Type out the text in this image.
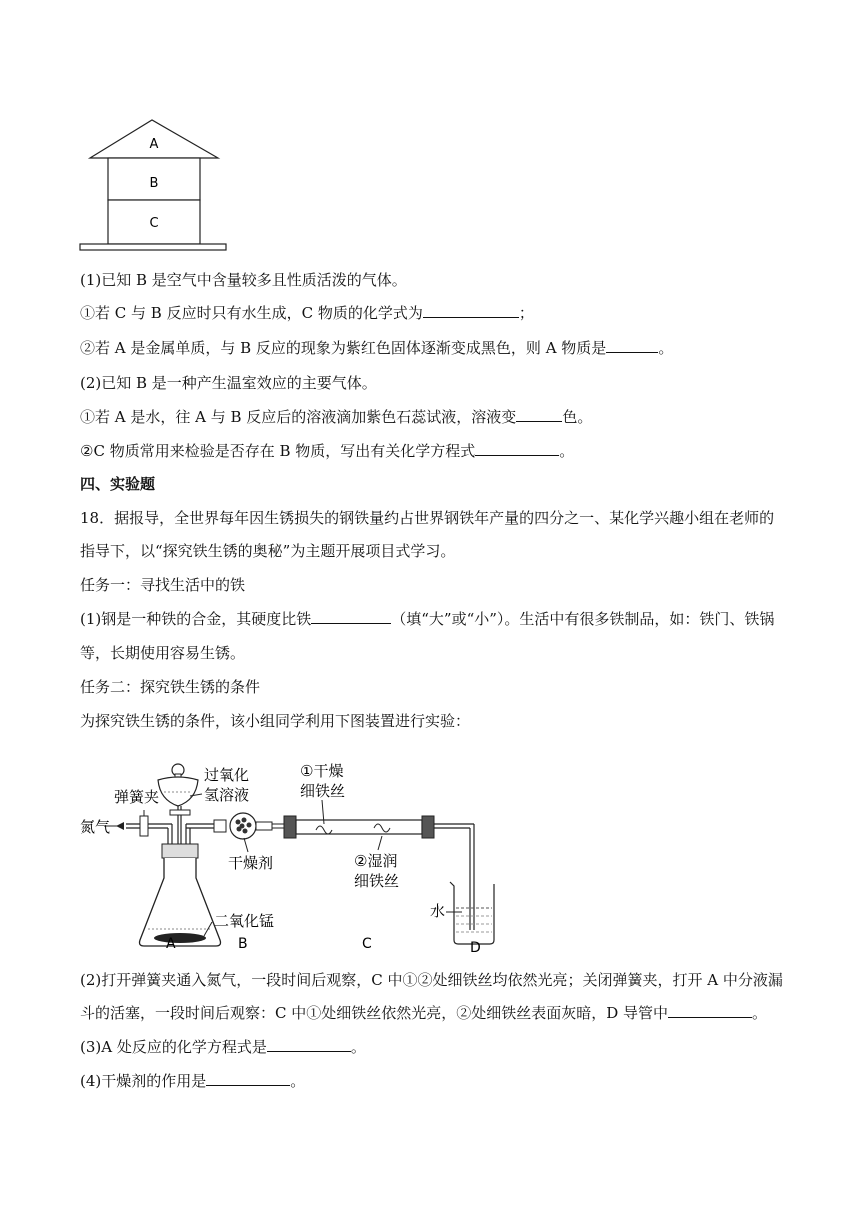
A
B
C
(1)已知 B 是空气中含量较多且性质活泼的气体。
①若 C 与 B 反应时只有水生成，C 物质的化学式为	；
②若 A 是金属单质，与 B 反应的现象为紫红色固体逐渐变成黑色，则 A 物质是	。
(2)已知 B 是一种产生温室效应的主要气体。
①若 A 是水，往 A 与 B 反应后的溶液滴加紫色石蕊试液，溶液变	色。
②C 物质常用来检验是否存在 B 物质，写出有关化学方程式	。
四、实验题
18．据报导，全世界每年因生锈损失的钢铁量约占世界钢铁年产量的四分之一、某化学兴趣小组在老师的
指导下，以“探究铁生锈的奥秘”为主题开展项目式学习。
任务一：寻找生活中的铁
(1)钢是一种铁的合金，其硬度比铁	（填“大”或“小”）。生活中有很多铁制品，如：铁门、铁锅
等，长期使用容易生锈。
任务二：探究铁生锈的条件
为探究铁生锈的条件，该小组同学利用下图装置进行实验：
过氧化
氢溶液
弹簧夹
氮气
①干燥
细铁丝
干燥剂	②湿润
细铁丝
二氧化锰
水
A	B	C	D
(2)打开弹簧夹通入氮气，一段时间后观察，C 中①②处细铁丝均依然光亮；关闭弹簧夹，打开 A 中分液漏
斗的活塞，一段时间后观察：C 中①处细铁丝依然光亮，②处细铁丝表面灰暗，D 导管中	。
(3)A 处反应的化学方程式是	。
(4)干燥剂的作用是	。
